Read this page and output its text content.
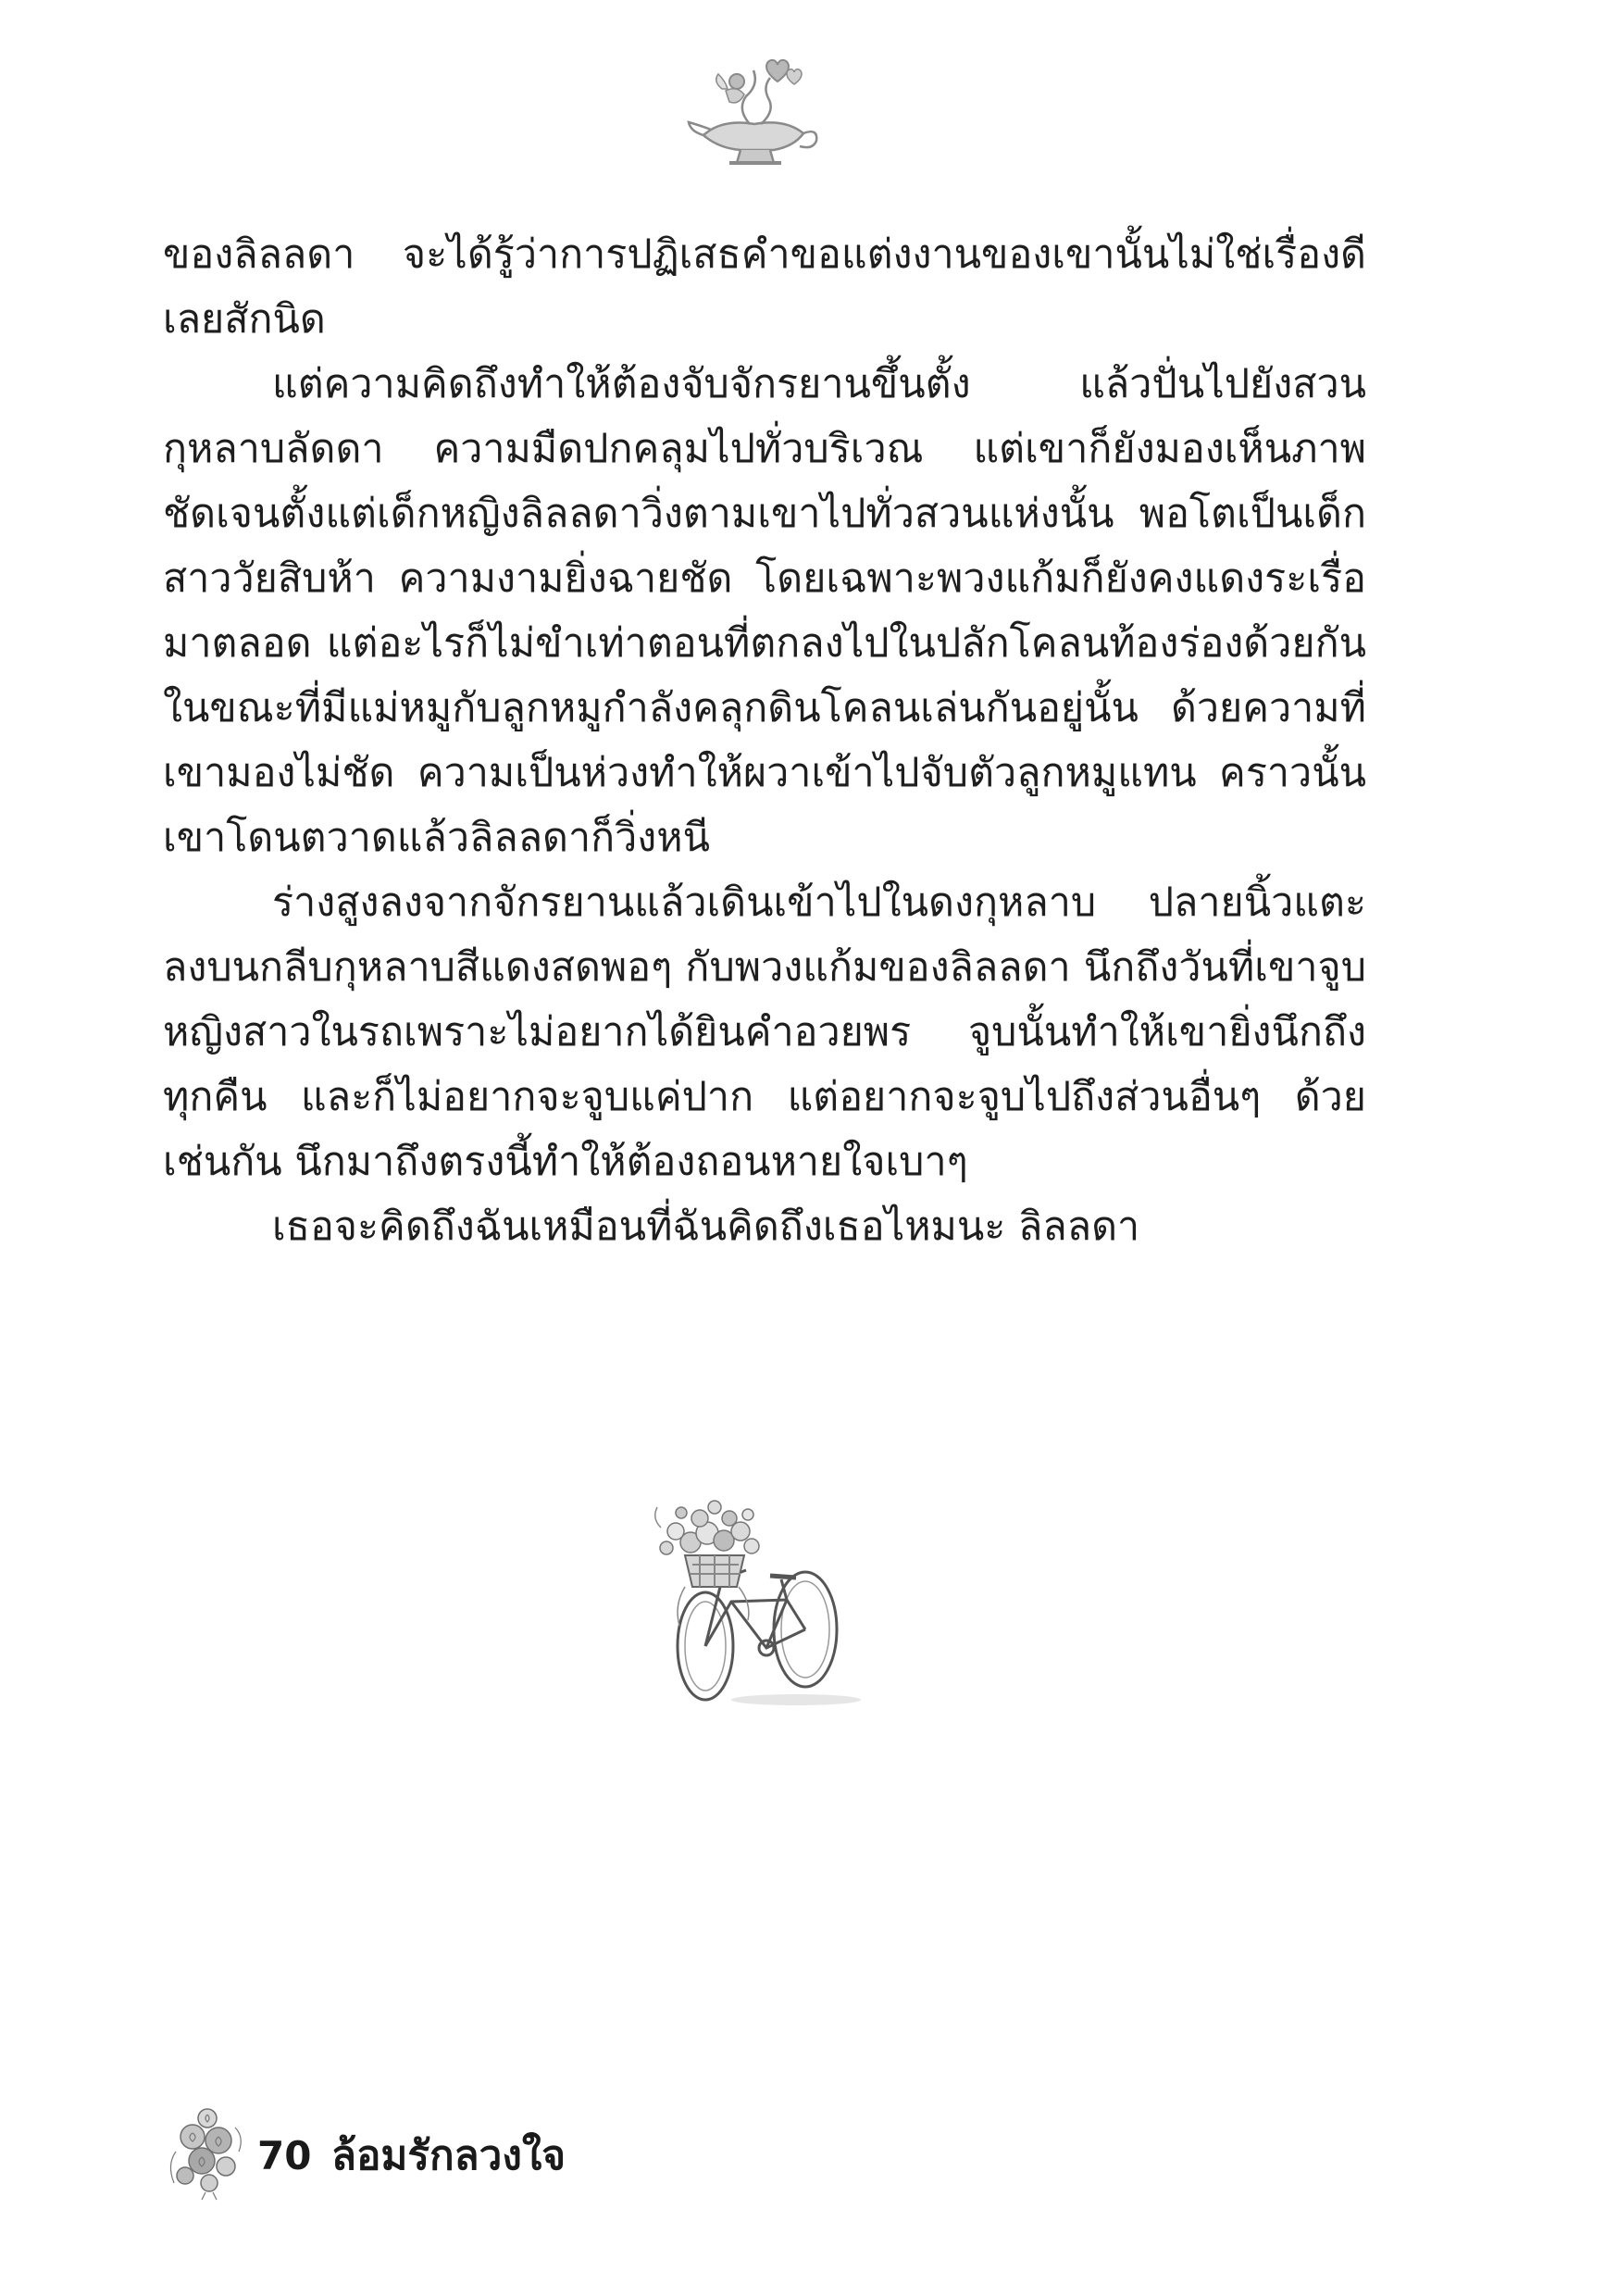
ของลิลลดา จะได้รู้ว่าการปฏิเสธคำขอแต่งงานของเขานั้นไม่ใช่เรื่องดีเลยสักนิด

แต่ความคิดถึงทำให้ต้องจับจักรยานขึ้นตั้ง แล้วปั่นไปยังสวนกุหลาบลัดดา ความมืดปกคลุมไปทั่วบริเวณ แต่เขาก็ยังมองเห็นภาพชัดเจนตั้งแต่เด็กหญิงลิลลดาวิ่งตามเขาไปทั่วสวนแห่งนั้น พอโตเป็นเด็กสาววัยสิบห้า ความงามยิ่งฉายชัด โดยเฉพาะพวงแก้มก็ยังคงแดงระเรื่อมาตลอด แต่อะไรก็ไม่ขำเท่าตอนที่ตกลงไปในปลักโคลนท้องร่องด้วยกันในขณะที่มีแม่หมูกับลูกหมูกำลังคลุกดินโคลนเล่นกันอยู่นั้น ด้วยความที่เขามองไม่ชัด ความเป็นห่วงทำให้ผวาเข้าไปจับตัวลูกหมูแทน คราวนั้นเขาโดนตวาดแล้วลิลลดาก็วิ่งหนี

ร่างสูงลงจากจักรยานแล้วเดินเข้าไปในดงกุหลาบ ปลายนิ้วแตะลงบนกลีบกุหลาบสีแดงสดพอๆ กับพวงแก้มของลิลลดา นึกถึงวันที่เขาจูบหญิงสาวในรถเพราะไม่อยากได้ยินคำอวยพร จูบนั้นทำให้เขายิ่งนึกถึงทุกคืน และก็ไม่อยากจะจูบแค่ปาก แต่อยากจะจูบไปถึงส่วนอื่นๆ ด้วยเช่นกัน นึกมาถึงตรงนี้ทำให้ต้องถอนหายใจเบาๆ

เธอจะคิดถึงฉันเหมือนที่ฉันคิดถึงเธอไหมนะ ลิลลดา

70 ล้อมรักลวงใจ
